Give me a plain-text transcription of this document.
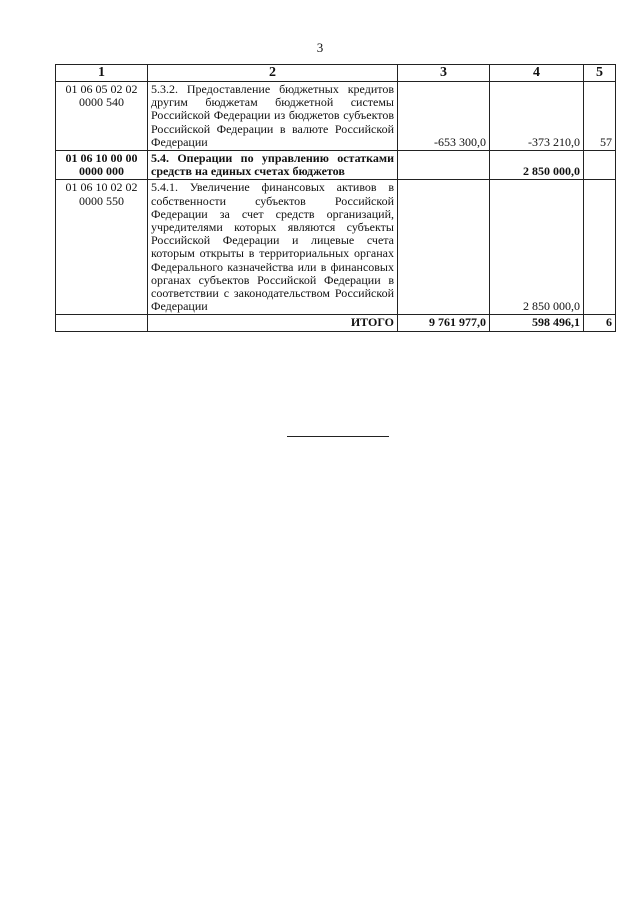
3
1	2	3	4	5
01 06 05 02 02 0000 540	5.3.2. Предоставление бюджетных кредитов другим бюджетам бюджетной системы Российской Федерации из бюджетов субъектов Российской Федерации в валюте Российской Федерации	-653 300,0	-373 210,0	57
01 06 10 00 00 0000 000	5.4. Операции по управлению остатками средств на единых счетах бюджетов		2 850 000,0	
01 06 10 02 02 0000 550	5.4.1. Увеличение финансовых активов в собственности субъектов Российской Федерации за счет средств организаций, учредителями которых являются субъекты Российской Федерации и лицевые счета которым открыты в территориальных органах Федерального казначейства или в финансовых органах субъектов Российской Федерации в соответствии с законодательством Российской Федерации		2 850 000,0	
	ИТОГО	9 761 977,0	598 496,1	6
